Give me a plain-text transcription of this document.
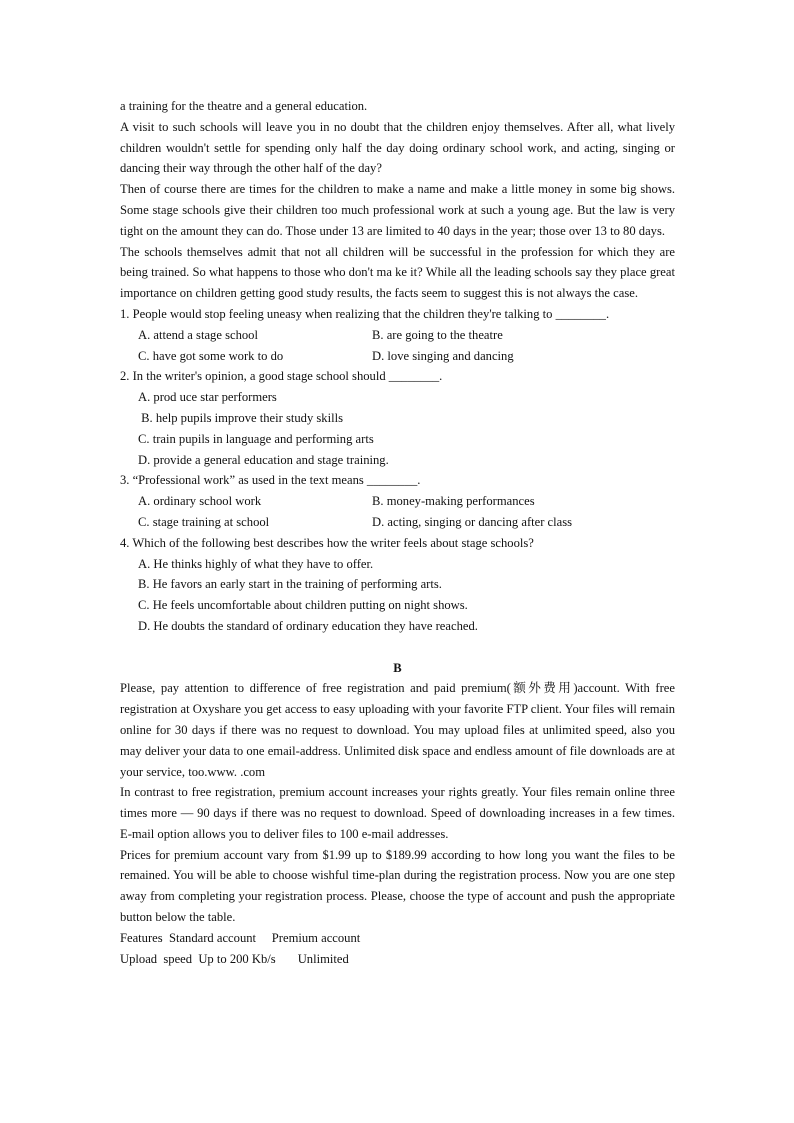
a training for the theatre and a general education.

A visit to such schools will leave you in no doubt that the children enjoy themselves. After all, what lively children wouldn't settle for spending only half the day doing ordinary school work, and acting, singing or dancing their way through the other half of the day?

Then of course there are times for the children to make a name and make a little money in some big shows. Some stage schools give their children too much professional work at such a young age. But the law is very tight on the amount they can do. Those under 13 are limited to 40 days in the year; those over 13 to 80 days.

The schools themselves admit that not all children will be successful in the profession for which they are being trained. So what happens to those who don't ma ke it? While all the leading schools say they place great importance on children getting good study results, the facts seem to suggest this is not always the case.

1. People would stop feeling uneasy when realizing that the children they're talking to ________.

A. attend a stage school	B. are going to the theatre

C. have got some work to do	D. love singing and dancing

2. In the writer's opinion, a good stage school should ________.

A. prod uce star performers

B. help pupils improve their study skills

C. train pupils in language and performing arts

D. provide a general education and stage training.

3. “Professional work” as used in the text means ________.

A. ordinary school work	B. money-making performances

C. stage training at school	D. acting, singing or dancing after class

4. Which of the following best describes how the writer feels about stage schools?

A. He thinks highly of what they have to offer.

B. He favors an early start in the training of performing arts.

C. He feels uncomfortable about children putting on night shows.

D. He doubts the standard of ordinary education they have reached.

B

Please, pay attention to difference of free registration and paid premium(额外费用)account. With free registration at Oxyshare you get access to easy uploading with your favorite FTP client. Your files will remain online for 30 days if there was no request to download. You may upload files at unlimited speed, also you may deliver your data to one email-address. Unlimited disk space and endless amount of file downloads are at your service, too.www. .com

In contrast to free registration, premium account increases your rights greatly. Your files remain online three times more — 90 days if there was no request to download. Speed of downloading increases in a few times. E-mail option allows you to deliver files to 100 e-mail addresses.

Prices for premium account vary from $1.99 up to $189.99 according to how long you want the files to be remained. You will be able to choose wishful time-plan during the registration process. Now you are one step away from completing your registration process. Please, choose the type of account and push the appropriate button below the table.

Features  Standard account     Premium account

Upload  speed  Up to 200 Kb/s       Unlimited
